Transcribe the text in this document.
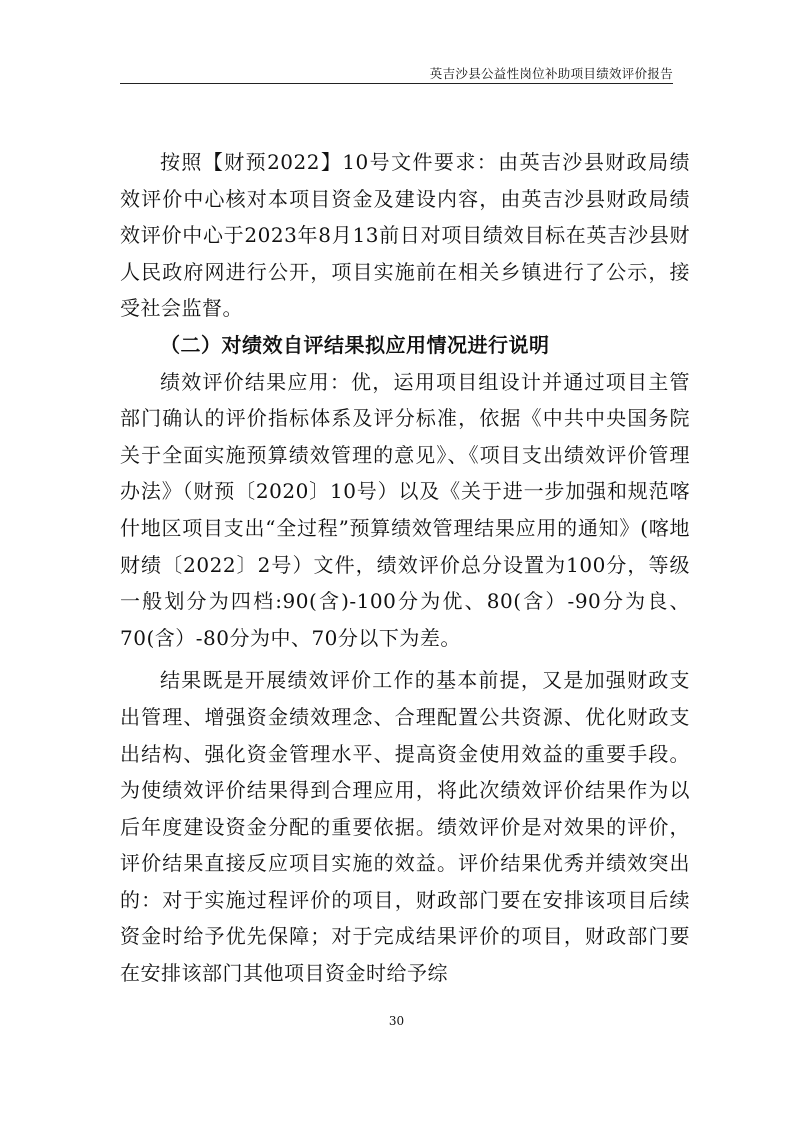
英吉沙县公益性岗位补助项目绩效评价报告

按照【财预2022】10号文件要求：由英吉沙县财政局绩效评价中心核对本项目资金及建设内容，由英吉沙县财政局绩效评价中心于2023年8月13前日对项目绩效目标在英吉沙县财人民政府网进行公开，项目实施前在相关乡镇进行了公示，接受社会监督。

（二）对绩效自评结果拟应用情况进行说明

绩效评价结果应用：优，运用项目组设计并通过项目主管部门确认的评价指标体系及评分标准，依据《中共中央国务院关于全面实施预算绩效管理的意见》、《项目支出绩效评价管理办法》（财预〔2020〕10号）以及《关于进一步加强和规范喀什地区项目支出“全过程”预算绩效管理结果应用的通知》(喀地财绩〔2022〕2号）文件，绩效评价总分设置为100分，等级一般划分为四档:90(含)-100分为优、80(含）-90分为良、70(含）-80分为中、70分以下为差。

结果既是开展绩效评价工作的基本前提，又是加强财政支出管理、增强资金绩效理念、合理配置公共资源、优化财政支出结构、强化资金管理水平、提高资金使用效益的重要手段。为使绩效评价结果得到合理应用，将此次绩效评价结果作为以后年度建设资金分配的重要依据。绩效评价是对效果的评价，评价结果直接反应项目实施的效益。评价结果优秀并绩效突出的：对于实施过程评价的项目，财政部门要在安排该项目后续资金时给予优先保障；对于完成结果评价的项目，财政部门要在安排该部门其他项目资金时给予综

30
